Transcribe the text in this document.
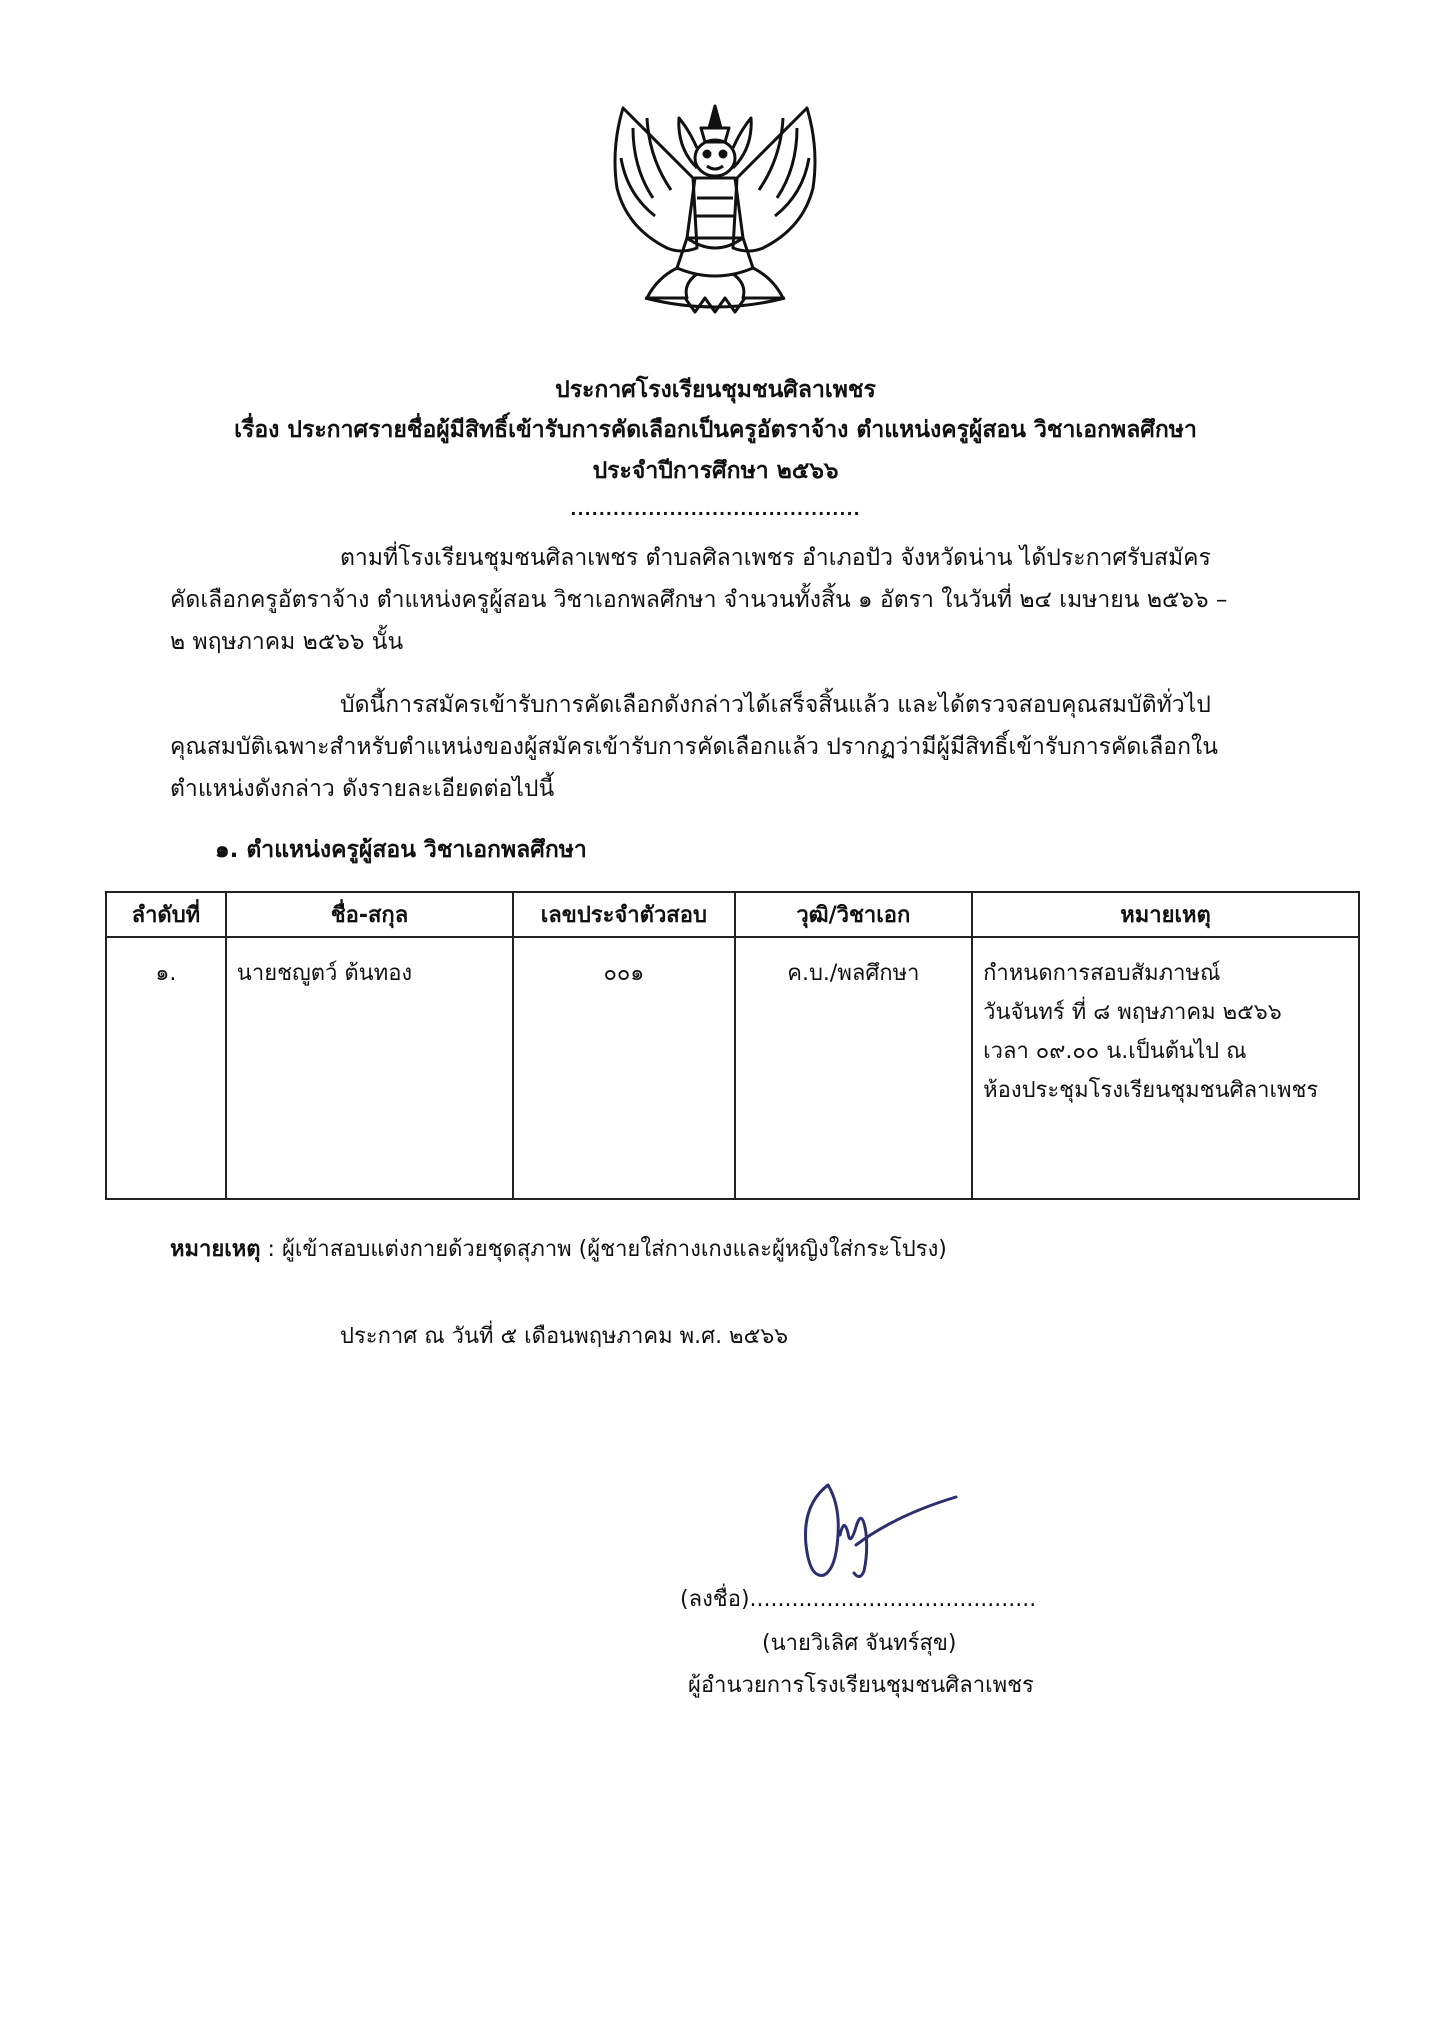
ประกาศโรงเรียนชุมชนศิลาเพชร
เรื่อง ประกาศรายชื่อผู้มีสิทธิ์เข้ารับการคัดเลือกเป็นครูอัตราจ้าง ตำแหน่งครูผู้สอน วิชาเอกพลศึกษา
ประจำปีการศึกษา ๒๕๖๖
.........................................
ตามที่โรงเรียนชุมชนศิลาเพชร ตำบลศิลาเพชร อำเภอปัว จังหวัดน่าน ได้ประกาศรับสมัคร
คัดเลือกครูอัตราจ้าง ตำแหน่งครูผู้สอน วิชาเอกพลศึกษา จำนวนทั้งสิ้น ๑ อัตรา ในวันที่ ๒๔ เมษายน ๒๕๖๖ –
๒ พฤษภาคม ๒๕๖๖ นั้น
บัดนี้การสมัครเข้ารับการคัดเลือกดังกล่าวได้เสร็จสิ้นแล้ว และได้ตรวจสอบคุณสมบัติทั่วไป
คุณสมบัติเฉพาะสำหรับตำแหน่งของผู้สมัครเข้ารับการคัดเลือกแล้ว ปรากฏว่ามีผู้มีสิทธิ์เข้ารับการคัดเลือกใน
ตำแหน่งดังกล่าว ดังรายละเอียดต่อไปนี้
๑. ตำแหน่งครูผู้สอน วิชาเอกพลศึกษา
ลำดับที่	ชื่อ-สกุล	เลขประจำตัวสอบ	วุฒิ/วิชาเอก	หมายเหตุ
๑.	นายชญูตว์ ต้นทอง	๐๐๑	ค.บ./พลศึกษา	กำหนดการสอบสัมภาษณ์
วันจันทร์ ที่ ๘ พฤษภาคม ๒๕๖๖
เวลา ๐๙.๐๐ น.เป็นต้นไป ณ
ห้องประชุมโรงเรียนชุมชนศิลาเพชร
หมายเหตุ : ผู้เข้าสอบแต่งกายด้วยชุดสุภาพ (ผู้ชายใส่กางเกงและผู้หญิงใส่กระโปรง)
ประกาศ ณ วันที่ ๕ เดือนพฤษภาคม พ.ศ. ๒๕๖๖
(ลงชื่อ).........................................
(นายวิเลิศ จันทร์สุข)
ผู้อำนวยการโรงเรียนชุมชนศิลาเพชร
